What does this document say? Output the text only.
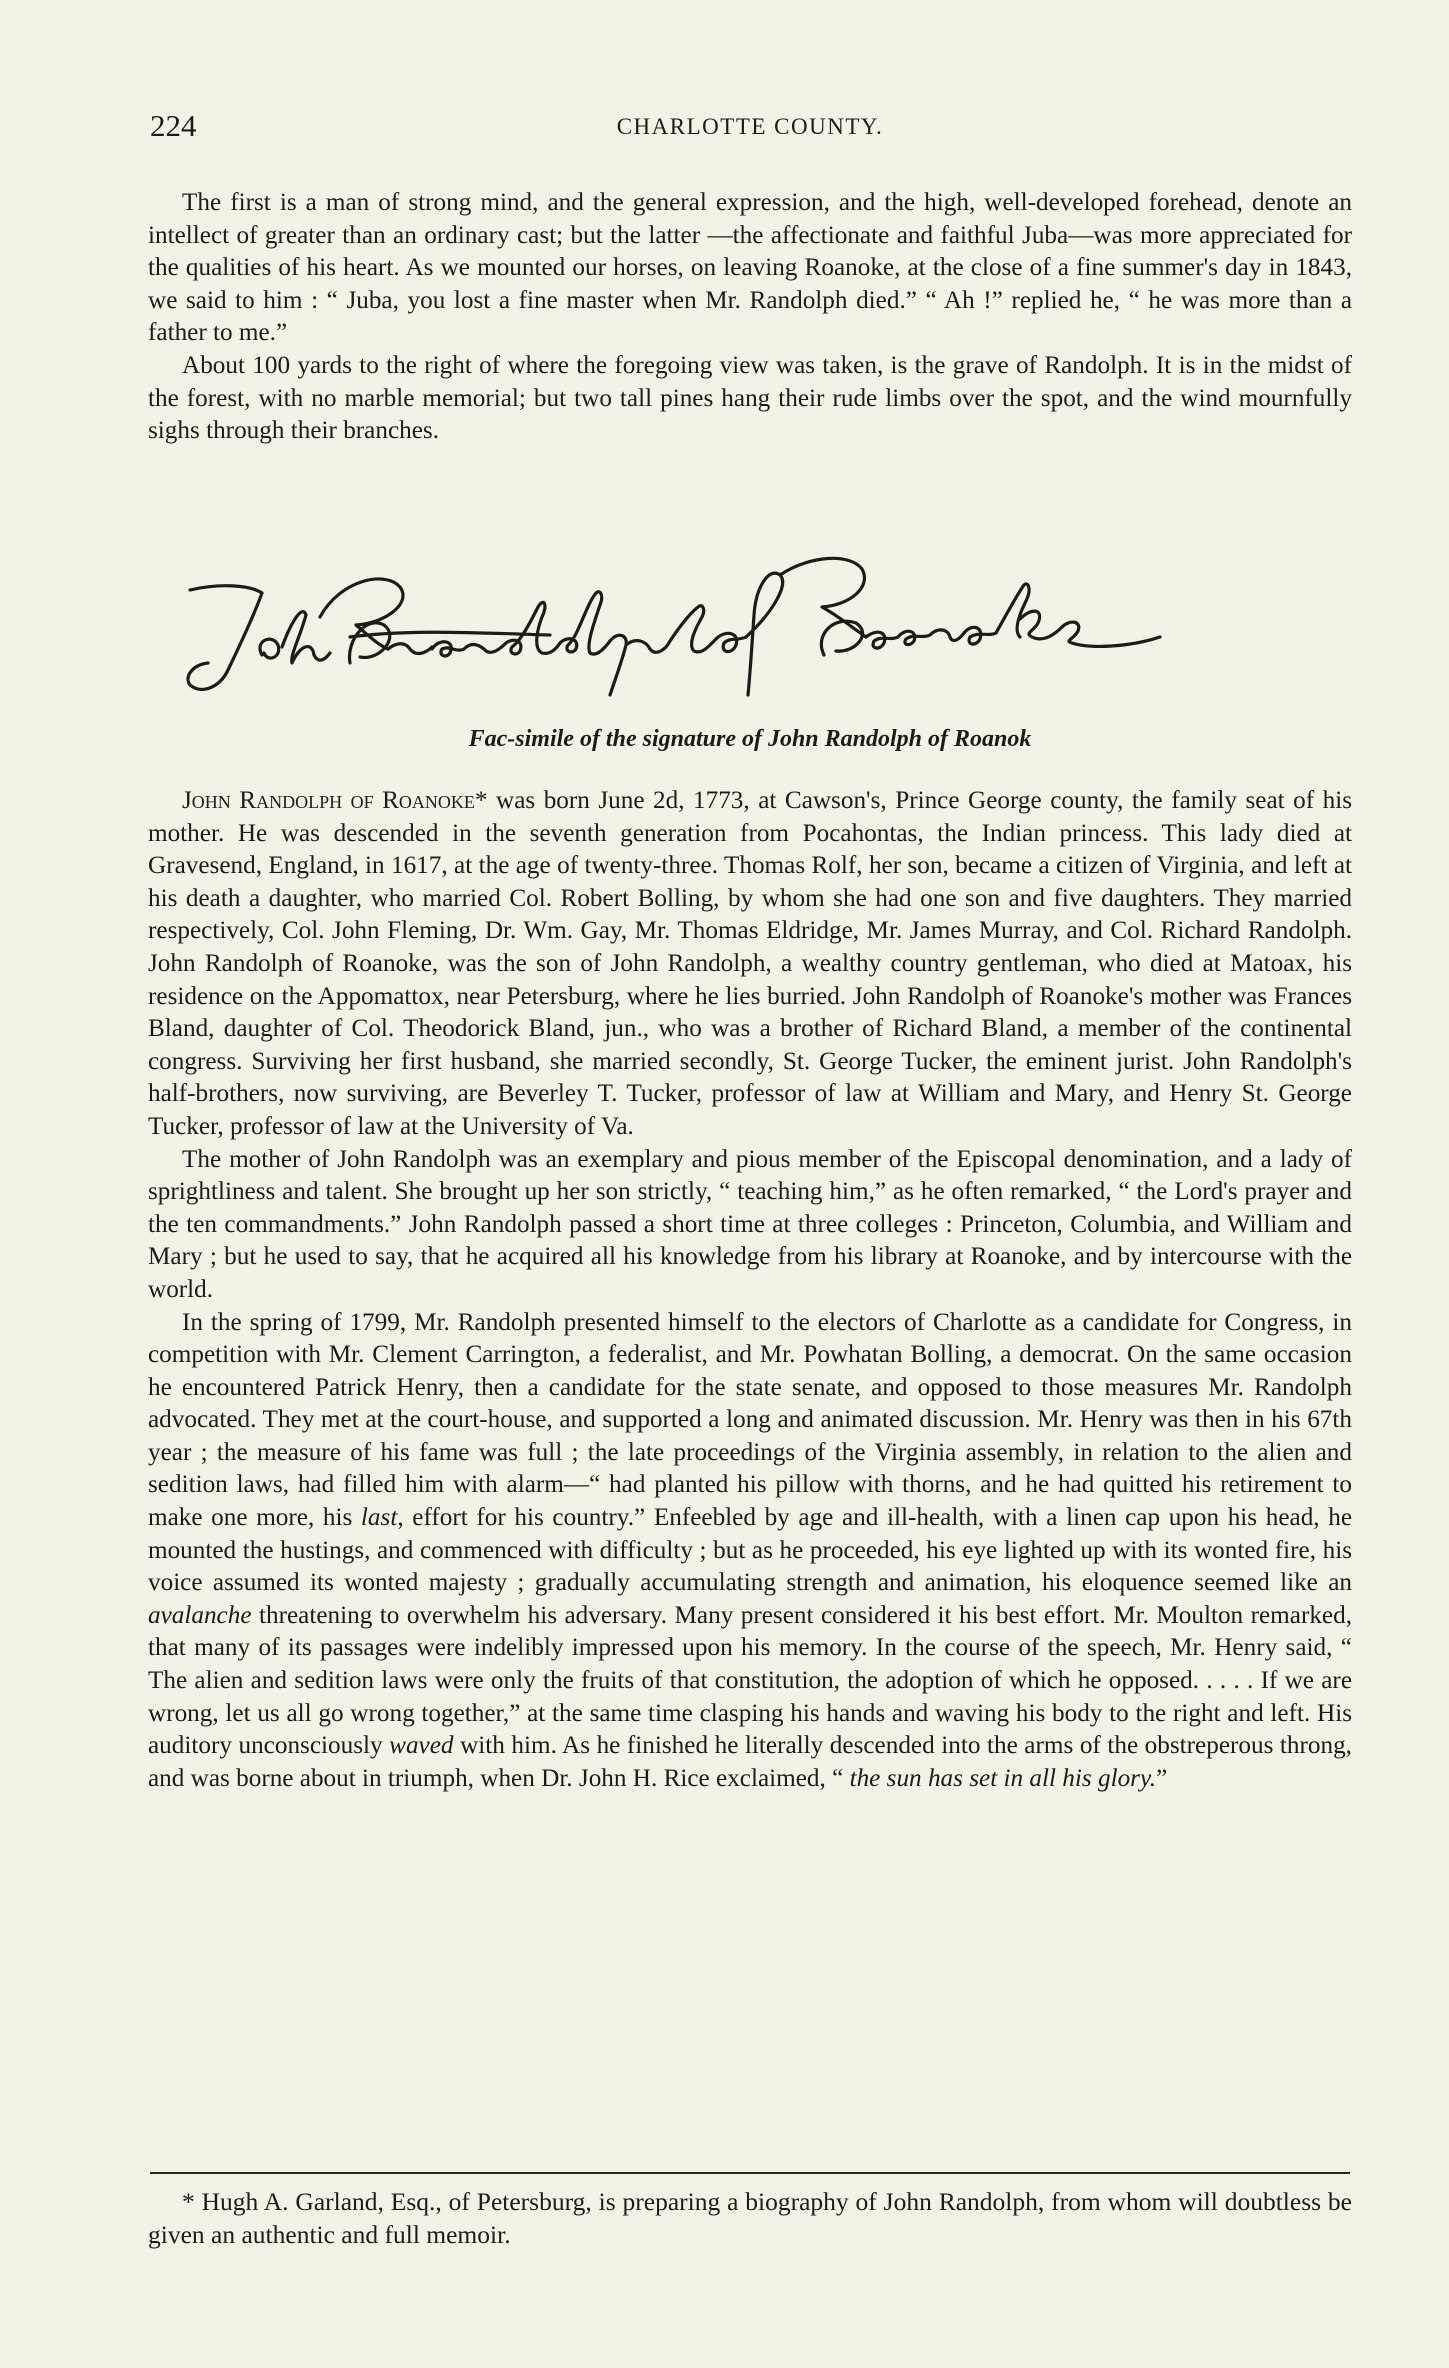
224	CHARLOTTE COUNTY.

The first is a man of strong mind, and the general expression, and the high, well-developed forehead, denote an intellect of greater than an ordinary cast; but the latter —the affectionate and faithful Juba—was more appreciated for the qualities of his heart. As we mounted our horses, on leaving Roanoke, at the close of a fine summer's day in 1843, we said to him : “ Juba, you lost a fine master when Mr. Randolph died.” “ Ah !” replied he, “ he was more than a father to me.”

About 100 yards to the right of where the foregoing view was taken, is the grave of Randolph. It is in the midst of the forest, with no marble memorial; but two tall pines hang their rude limbs over the spot, and the wind mournfully sighs through their branches.

Fac-simile of the signature of John Randolph of Roanok

John Randolph of Roanoke* was born June 2d, 1773, at Cawson's, Prince George county, the family seat of his mother. He was descended in the seventh generation from Pocahontas, the Indian princess. This lady died at Gravesend, England, in 1617, at the age of twenty-three. Thomas Rolf, her son, became a citizen of Virginia, and left at his death a daughter, who married Col. Robert Bolling, by whom she had one son and five daughters. They married respectively, Col. John Fleming, Dr. Wm. Gay, Mr. Thomas Eldridge, Mr. James Murray, and Col. Richard Randolph. John Randolph of Roanoke, was the son of John Randolph, a wealthy country gentleman, who died at Matoax, his residence on the Appomattox, near Petersburg, where he lies burried. John Randolph of Roanoke's mother was Frances Bland, daughter of Col. Theodorick Bland, jun., who was a brother of Richard Bland, a member of the continental congress. Surviving her first husband, she married secondly, St. George Tucker, the eminent jurist. John Randolph's half-brothers, now surviving, are Beverley T. Tucker, professor of law at William and Mary, and Henry St. George Tucker, professor of law at the University of Va.

The mother of John Randolph was an exemplary and pious member of the Episcopal denomination, and a lady of sprightliness and talent. She brought up her son strictly, “ teaching him,” as he often remarked, “ the Lord's prayer and the ten commandments.” John Randolph passed a short time at three colleges : Princeton, Columbia, and William and Mary ; but he used to say, that he acquired all his knowledge from his library at Roanoke, and by intercourse with the world.

In the spring of 1799, Mr. Randolph presented himself to the electors of Charlotte as a candidate for Congress, in competition with Mr. Clement Carrington, a federalist, and Mr. Powhatan Bolling, a democrat. On the same occasion he encountered Patrick Henry, then a candidate for the state senate, and opposed to those measures Mr. Randolph advocated. They met at the court-house, and supported a long and animated discussion. Mr. Henry was then in his 67th year ; the measure of his fame was full ; the late proceedings of the Virginia assembly, in relation to the alien and sedition laws, had filled him with alarm—“ had planted his pillow with thorns, and he had quitted his retirement to make one more, his last, effort for his country.” Enfeebled by age and ill-health, with a linen cap upon his head, he mounted the hustings, and commenced with difficulty ; but as he proceeded, his eye lighted up with its wonted fire, his voice assumed its wonted majesty ; gradually accumulating strength and animation, his eloquence seemed like an avalanche threatening to overwhelm his adversary. Many present considered it his best effort. Mr. Moulton remarked, that many of its passages were indelibly impressed upon his memory. In the course of the speech, Mr. Henry said, “ The alien and sedition laws were only the fruits of that constitution, the adoption of which he opposed. . . . . If we are wrong, let us all go wrong together,” at the same time clasping his hands and waving his body to the right and left. His auditory unconsciously waved with him. As he finished he literally descended into the arms of the obstreperous throng, and was borne about in triumph, when Dr. John H. Rice exclaimed, “ the sun has set in all his glory.”

* Hugh A. Garland, Esq., of Petersburg, is preparing a biography of John Randolph, from whom will doubtless be given an authentic and full memoir.
